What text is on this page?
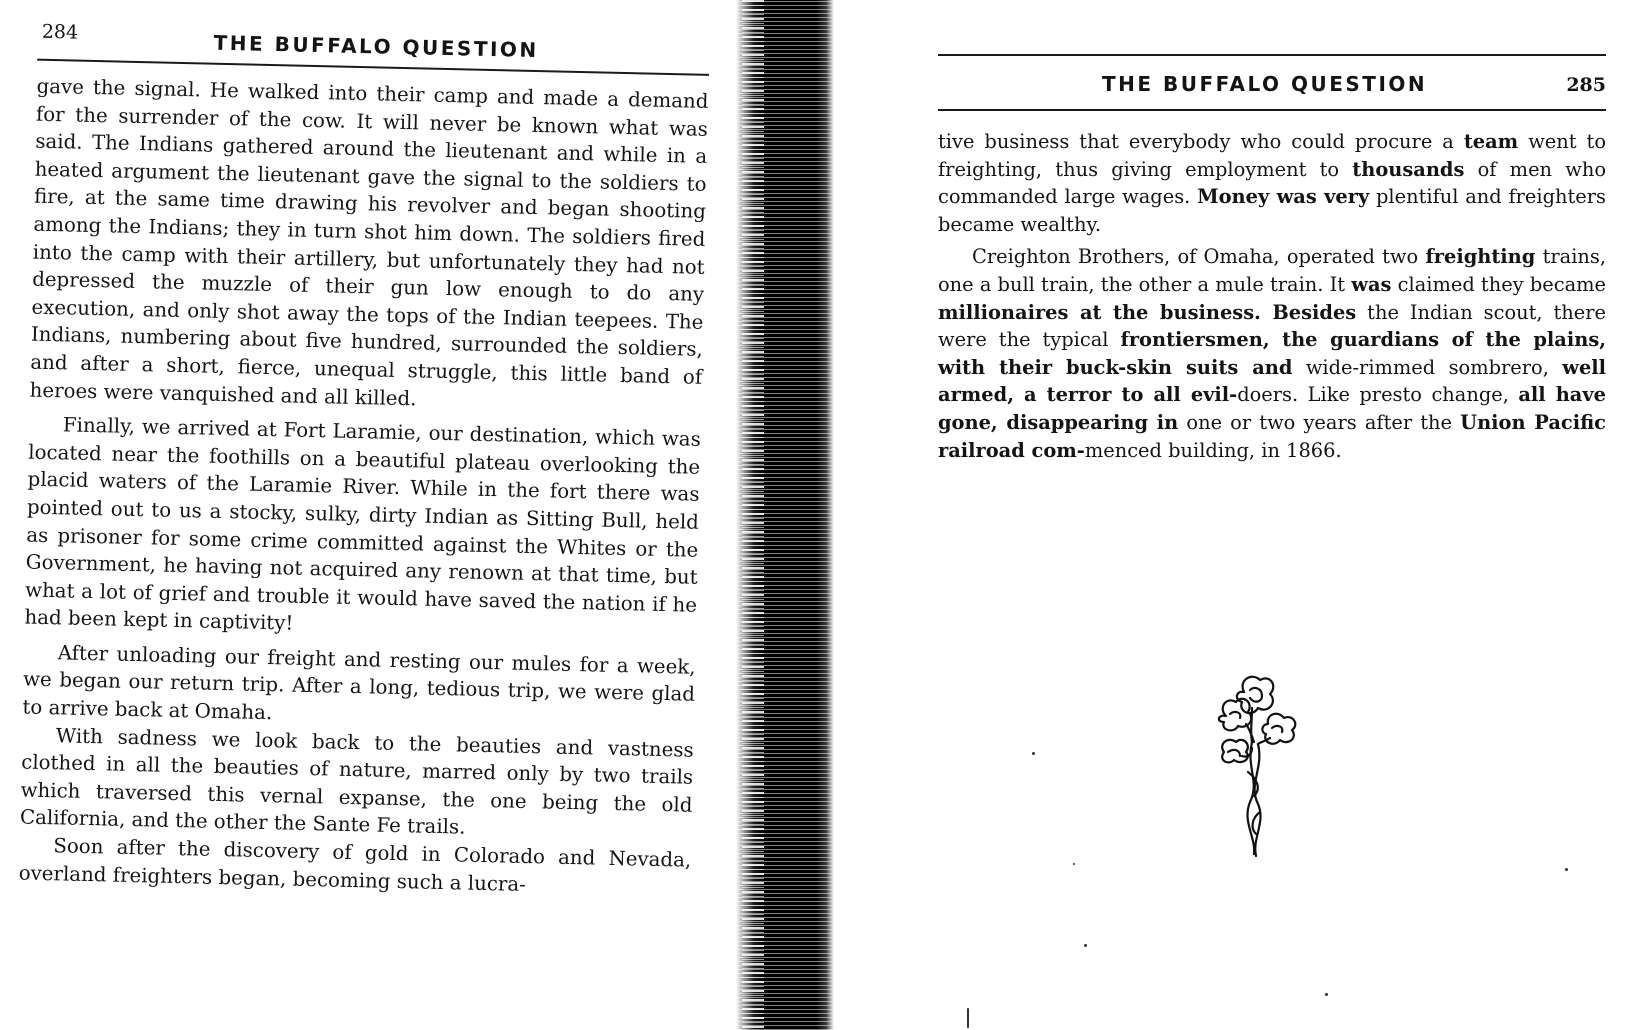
284	THE BUFFALO QUESTION

gave the signal. He walked into their camp and made a demand for the surrender of the cow. It will never be known what was said. The Indians gathered around the lieutenant and while in a heated argument the lieutenant gave the signal to the soldiers to fire, at the same time drawing his revolver and began shooting among the Indians; they in turn shot him down. The soldiers fired into the camp with their artillery, but unfortunately they had not depressed the muzzle of their gun low enough to do any execution, and only shot away the tops of the Indian teepees. The Indians, numbering about five hundred, surrounded the soldiers, and after a short, fierce, unequal struggle, this little band of heroes were vanquished and all killed.

Finally, we arrived at Fort Laramie, our destination, which was located near the foothills on a beautiful plateau overlooking the placid waters of the Laramie River. While in the fort there was pointed out to us a stocky, sulky, dirty Indian as Sitting Bull, held as prisoner for some crime committed against the Whites or the Government, he having not acquired any renown at that time, but what a lot of grief and trouble it would have saved the nation if he had been kept in captivity!

After unloading our freight and resting our mules for a week, we began our return trip. After a long, tedious trip, we were glad to arrive back at Omaha.

With sadness we look back to the beauties and vastness clothed in all the beauties of nature, marred only by two trails which traversed this vernal expanse, the one being the old California, and the other the Sante Fe trails.

Soon after the discovery of gold in Colorado and Nevada, overland freighters began, becoming such a lucra-

THE BUFFALO QUESTION	285

tive business that everybody who could procure a team went to freighting, thus giving employment to thousands of men who commanded large wages. Money was very plentiful and freighters became wealthy.

Creighton Brothers, of Omaha, operated two freighting trains, one a bull train, the other a mule train. It was claimed they became millionaires at the business. Besides the Indian scout, there were the typical frontiersmen, the guardians of the plains, with their buck-skin suits and wide-rimmed sombrero, well armed, a terror to all evil-doers. Like presto change, all have gone, disappearing in one or two years after the Union Pacific railroad com-menced building, in 1866.
